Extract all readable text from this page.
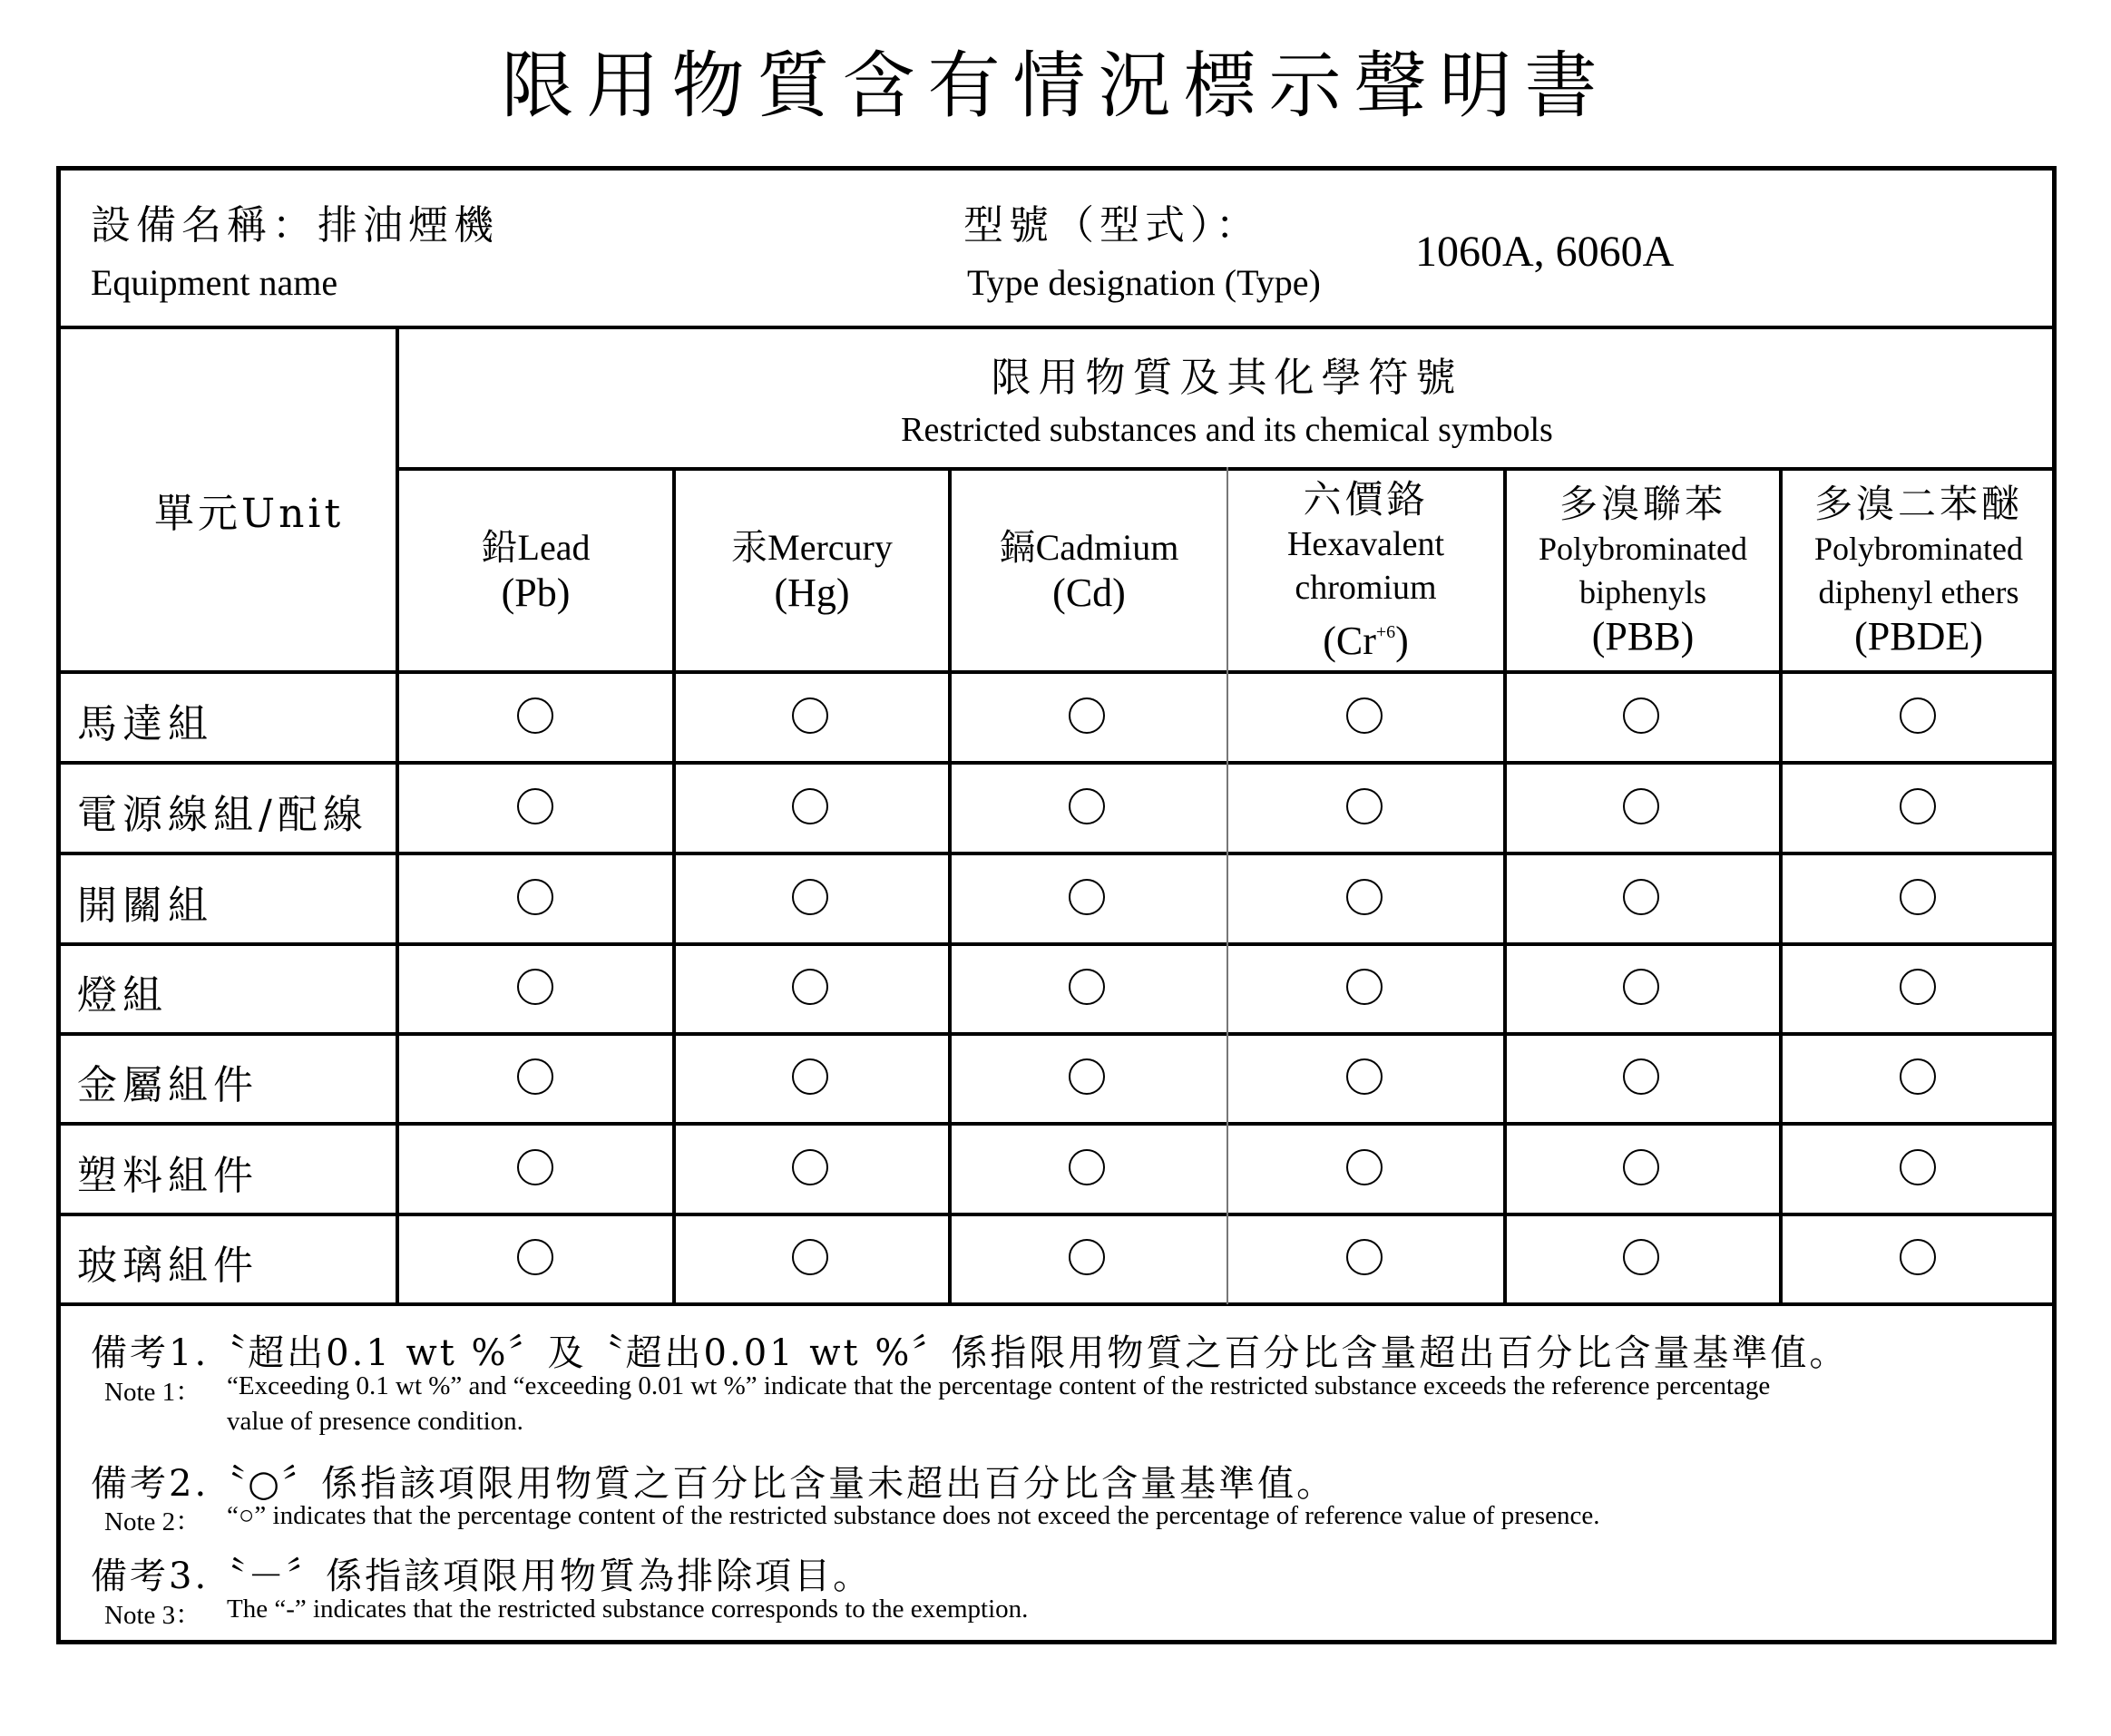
限用物質含有情況標示聲明書
設備名稱：排油煙機
Equipment name
型號（型式）：
Type designation (Type)
1060A, 6060A
單元Unit
限用物質及其化學符號
Restricted substances and its chemical symbols
鉛Lead
(Pb)
汞Mercury
(Hg)
鎘Cadmium
(Cd)
六價鉻
Hexavalent chromium
$(Cr^{+6})$
多溴聯苯
Polybrominated biphenyls
(PBB)
多溴二苯醚
Polybrominated diphenyl ethers
(PBDE)
馬達組
電源線組/配線
開關組
燈組
金屬組件
塑料組件
玻璃組件
備考1.〝超出0.1 wt %〞及〝超出0.01 wt %〞係指限用物質之百分比含量超出百分比含量基準值。
Note 1： “Exceeding 0.1 wt %” and “exceeding 0.01 wt %” indicate that the percentage content of the restricted substance exceeds the reference percentage
value of presence condition.
備考2.〝○〞係指該項限用物質之百分比含量未超出百分比含量基準值。
Note 2： “○” indicates that the percentage content of the restricted substance does not exceed the percentage of reference value of presence.
備考3.〝－〞係指該項限用物質為排除項目。
Note 3： The “-” indicates that the restricted substance corresponds to the exemption.
